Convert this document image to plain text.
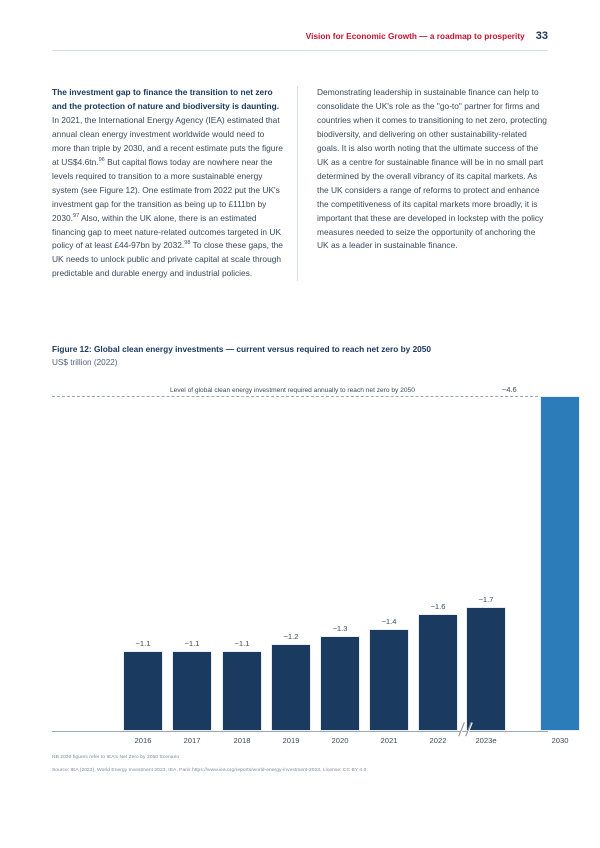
Vision for Economic Growth — a roadmap to prosperity 33

The investment gap to finance the transition to net zero and the protection of nature and biodiversity is daunting. In 2021, the International Energy Agency (IEA) estimated that annual clean energy investment worldwide would need to more than triple by 2030, and a recent estimate puts the figure at US$4.6tn.$^{96}$ But capital flows today are nowhere near the levels required to transition to a more sustainable energy system (see Figure 12). One estimate from 2022 put the UK's investment gap for the transition as being up to £111bn by 2030.97 Also, within the UK alone, there is an estimated financing gap to meet nature-related outcomes targeted in UK policy of at least £44-97bn by 2032.98 To close these gaps, the UK needs to unlock public and private capital at scale through predictable and durable energy and industrial policies.

Demonstrating leadership in sustainable finance can help to consolidate the UK's role as the "go-to" partner for firms and countries when it comes to transitioning to net zero, protecting biodiversity, and delivering on other sustainability-related goals. It is also worth noting that the ultimate success of the UK as a centre for sustainable finance will be in no small part determined by the overall vibrancy of its capital markets. As the UK considers a range of reforms to protect and enhance the competitiveness of its capital markets more broadly, it is important that these are developed in lockstep with the policy measures needed to seize the opportunity of anchoring the UK as a leader in sustainable finance.

Figure 12: Global clean energy investments — current versus required to reach net zero by 2050
US$ trillion (2022)
Level of global clean energy investment required annually to reach net zero by 2050	~4.6
~1.1	~1.1	~1.1
~1.2
~1.3
~1.4
~1.6
~1.7
2016	2017	2018	2019	2020	2021	2022	2023e	2030
NB 2030 figures refer to IEA's Net Zero by 2050 Scenario
Source: IEA (2023), World Energy Investment 2023, IEA, Paris https://www.iea.org/reports/world-energy-investment-2023, License: CC BY 4.0
